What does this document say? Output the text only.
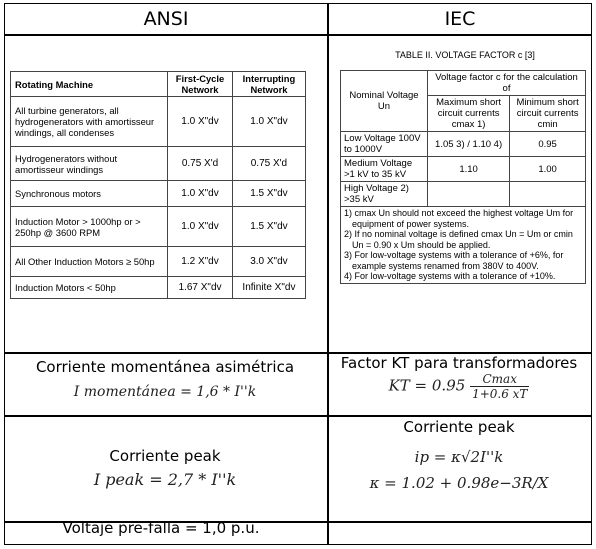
ANSI	IEC
Rotating Machine	First-Cycle Network	Interrupting Network
All turbine generators, all hydrogenerators with amortisseur windings, all condenses	1.0 X"dv	1.0 X"dv
Hydrogenerators without amortisseur windings	0.75 X'd	0.75 X'd
Synchronous motors	1.0 X"dv	1.5 X"dv
Induction Motor > 1000hp or > 250hp @ 3600 RPM	1.0 X"dv	1.5 X"dv
All Other Induction Motors ≥ 50hp	1.2 X"dv	3.0 X"dv
Induction Motors < 50hp	1.67 X"dv	Infinite X"dv
TABLE II. VOLTAGE FACTOR c [3]
Nominal Voltage Un	Voltage factor c for the calculation of	
	Maximum short circuit currents cmax 1)	Minimum short circuit currents cmin
Low Voltage 100V to 1000V	1.05 3) / 1.10 4)	0.95
Medium Voltage >1 kV to 35 kV	1.10	1.00
High Voltage 2) >35 kV		

1) cmax Un should not exceed the highest voltage Um for equipment of power systems.
2) If no nominal voltage is defined cmax Un = Um or cmin Un = 0.90 x Um should be applied.
3) For low-voltage systems with a tolerance of +6%, for example systems renamed from 380V to 400V.
4) For low-voltage systems with a tolerance of +10%.		
Corriente momentánea asimétrica
I momentánea = 1,6 * I''k
Factor KT para transformadores
KT = $0.95 \frac{Cmax}{1+0.6 xT}$
Corriente peak
I peak = 2,7 * I''k
Corriente peak
ip = κ√2I''k
κ = 1.02 + 0.98e−3R/X
Voltaje pre-falla = 1,0 p.u.
